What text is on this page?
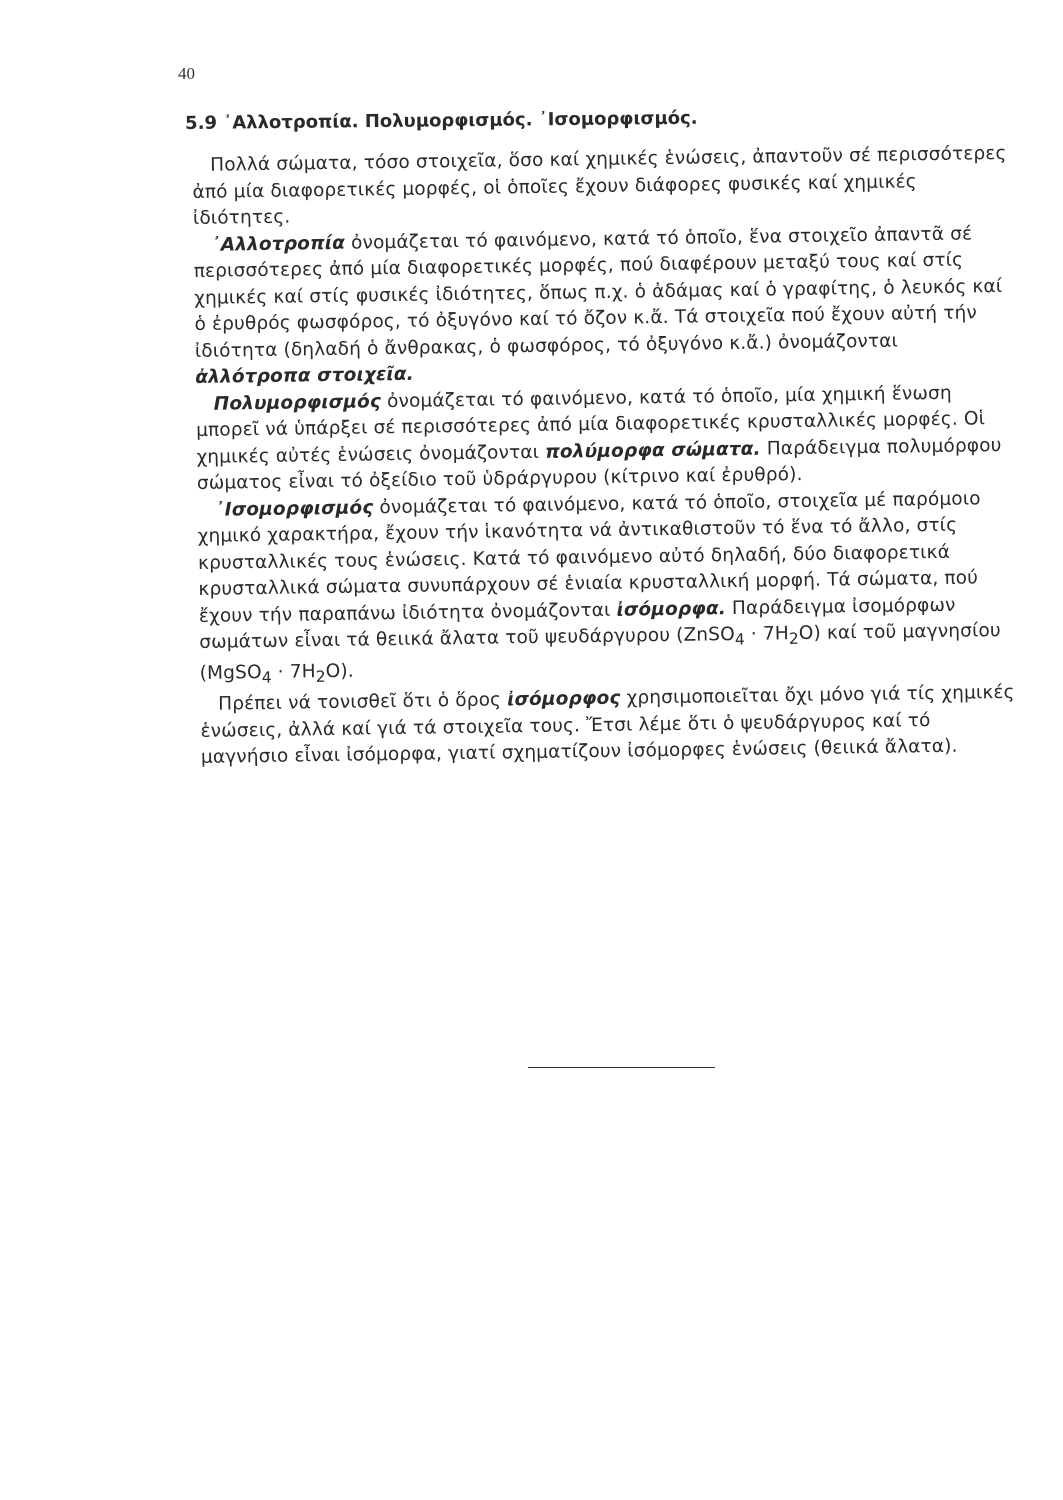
40
5.9 ᾿Αλλοτροπία. Πολυμορφισμός. ᾿Ισομορφισμός.

Πολλά σώματα, τόσο στοιχεῖα, ὅσο καί χημικές ἑνώσεις, ἀπαντοῦν σέ περισσότερες ἀπό μία διαφορετικές μορφές, οἱ ὁποῖες ἔχουν διάφορες φυσικές καί χημικές ἰδιότητες.

᾿Αλλοτροπία ὀνομάζεται τό φαινόμενο, κατά τό ὁποῖο, ἕνα στοιχεῖο ἀπαντᾶ σέ περισσότερες ἀπό μία διαφορετικές μορφές, πού διαφέρουν μεταξύ τους καί στίς χημικές καί στίς φυσικές ἰδιότητες, ὅπως π.χ. ὁ ἀδάμας καί ὁ γραφίτης, ὁ λευκός καί ὁ ἐρυθρός φωσφόρος, τό ὀξυγόνο καί τό ὄζον κ.ἄ. Τά στοιχεῖα πού ἔχουν αὐτή τήν ἰδιότητα (δηλαδή ὁ ἄνθρακας, ὁ φωσφόρος, τό ὀξυγόνο κ.ἄ.) ὀνομάζονται ἀλλότροπα στοιχεῖα.

Πολυμορφισμός ὀνομάζεται τό φαινόμενο, κατά τό ὁποῖο, μία χημική ἕνωση μπορεῖ νά ὑπάρξει σέ περισσότερες ἀπό μία διαφορετικές κρυσταλλικές μορφές. Οἱ χημικές αὐτές ἑνώσεις ὀνομάζονται πολύμορφα σώματα. Παράδειγμα πολυμόρφου σώματος εἶναι τό ὀξείδιο τοῦ ὑδράργυρου (κίτρινο καί ἐρυθρό).

᾿Ισομορφισμός ὀνομάζεται τό φαινόμενο, κατά τό ὁποῖο, στοιχεῖα μέ παρόμοιο χημικό χαρακτήρα, ἔχουν τήν ἱκανότητα νά ἀντικαθιστοῦν τό ἕνα τό ἄλλο, στίς κρυσταλλικές τους ἑνώσεις. Κατά τό φαινόμενο αὐτό δηλαδή, δύο διαφορετικά κρυσταλλικά σώματα συνυπάρχουν σέ ἑνιαία κρυσταλλική μορφή. Τά σώματα, πού ἔχουν τήν παραπάνω ἰδιότητα ὀνομάζονται ἰσόμορφα. Παράδειγμα ἰσομόρφων σωμάτων εἶναι τά θειικά ἄλατα τοῦ ψευδάργυρου (ZnSO$_4$ · $7H_2O$) καί τοῦ μαγνησίου (MgSO$_4$ · $7H_2O$).

Πρέπει νά τονισθεῖ ὅτι ὁ ὅρος ἰσόμορφος χρησιμοποιεῖται ὄχι μόνο γιά τίς χημικές ἑνώσεις, ἀλλά καί γιά τά στοιχεῖα τους. Ἔτσι λέμε ὅτι ὁ ψευδάργυρος καί τό μαγνήσιο εἶναι ἰσόμορφα, γιατί σχηματίζουν ἰσόμορφες ἑνώσεις (θειικά ἄλατα).
